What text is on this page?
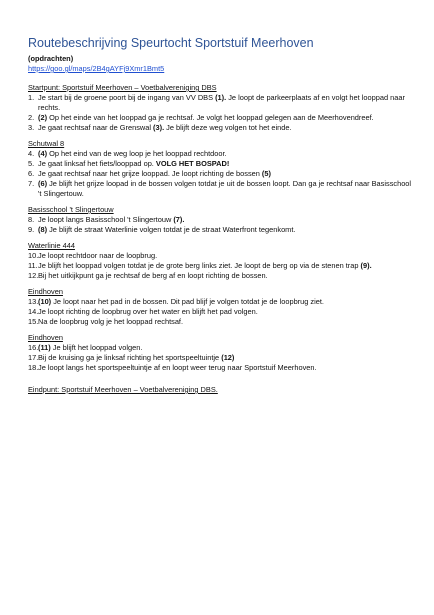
Routebeschrijving Speurtocht Sportstuif Meerhoven

(opdrachten)

https://goo.gl/maps/2B4gAYFj9Xmr1Bmt5

Startpunt: Sportstuif Meerhoven – Voetbalvereniging DBS

1. Je start bij de groene poort bij de ingang van VV DBS (1). Je loopt de parkeerplaats af en volgt het looppad naar rechts.
2. (2) Op het einde van het looppad ga je rechtsaf. Je volgt het looppad gelegen aan de Meerhovendreef.
3. Je gaat rechtsaf naar de Grenswal (3). Je blijft deze weg volgen tot het einde.

Schutwal 8

4. (4) Op het eind van de weg loop je het looppad rechtdoor.
5. Je gaat linksaf het fiets/looppad op. VOLG HET BOSPAD!
6. Je gaat rechtsaf naar het grijze looppad. Je loopt richting de bossen (5)
7. (6) Je blijft het grijze loopad in de bossen volgen totdat je uit de bossen loopt. Dan ga je rechtsaf naar Basisschool 't Slingertouw.

Basisschool 't Slingertouw

8. Je loopt langs Basisschool 't Slingertouw (7).
9. (8) Je blijft de straat Waterlinie volgen totdat je de straat Waterfront tegenkomt.

Waterlinie 444

10. Je loopt rechtdoor naar de loopbrug.
11. Je blijft het looppad volgen totdat je de grote berg links ziet. Je loopt de berg op via de stenen trap (9).
12. Bij het uitkijkpunt ga je rechtsaf de berg af en loopt richting de bossen.

Eindhoven

13. (10) Je loopt naar het pad in de bossen. Dit pad blijf je volgen totdat je de loopbrug ziet.
14. Je loopt richting de loopbrug over het water en blijft het pad volgen.
15. Na de loopbrug volg je het looppad rechtsaf.

Eindhoven

16. (11) Je blijft het looppad volgen.
17. Bij de kruising ga je linksaf richting het sportspeeltuintje (12)
18. Je loopt langs het sportspeeltuintje af en loopt weer terug naar Sportstuif Meerhoven.

Eindpunt: Sportstuif Meerhoven – Voetbalvereniging DBS.
